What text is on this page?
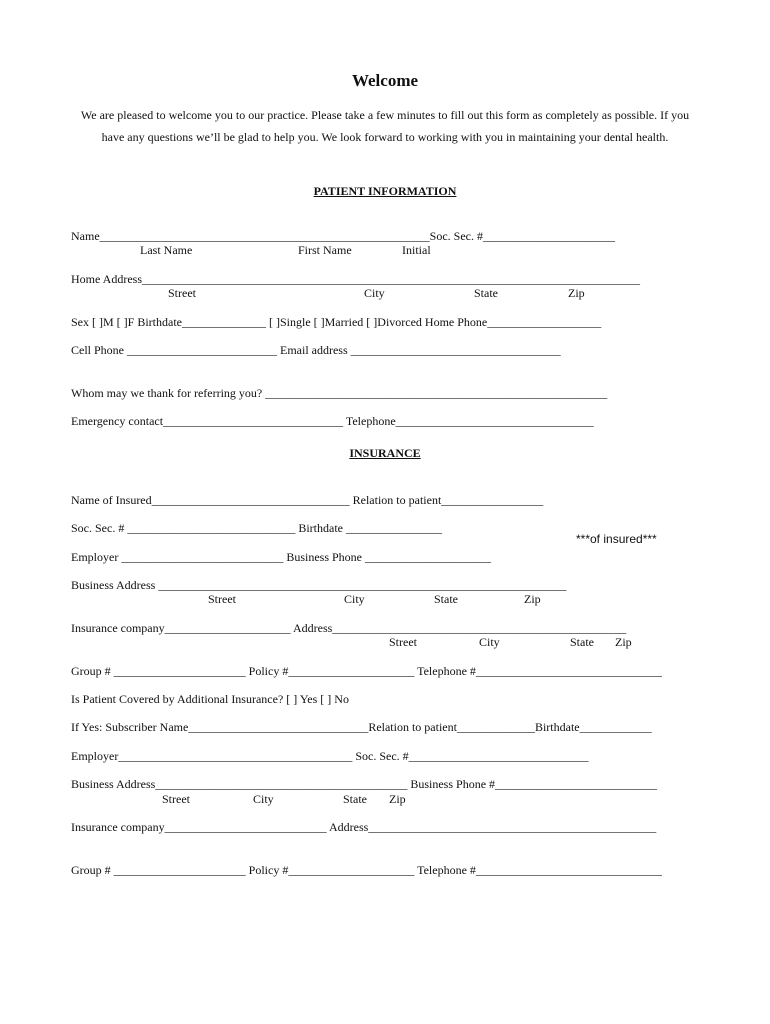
Welcome
We are pleased to welcome you to our practice. Please take a few minutes to fill out this form as completely as possible. If you have any questions we’ll be glad to help you. We look forward to working with you in maintaining your dental health.
PATIENT INFORMATION
Name_______________________________________________________Soc. Sec. #______________________
Last Name	First Name	Initial
Home Address___________________________________________________________________________________
Street	City	State	Zip
Sex [ ]M [ ]F Birthdate______________ [ ]Single [ ]Married [ ]Divorced Home Phone___________________
Cell Phone _________________________ Email address ___________________________________
Whom may we thank for referring you? _________________________________________________________
Emergency contact______________________________ Telephone_________________________________
INSURANCE
Name of Insured_________________________________ Relation to patient_________________
Soc. Sec. # ____________________________ Birthdate ________________
***of insured***
Employer ___________________________ Business Phone _____________________
Business Address ____________________________________________________________________
Street	City	State	Zip
Insurance company_____________________ Address_________________________________________________
Street	City	State Zip
Group # ______________________ Policy #_____________________ Telephone #_______________________________
Is Patient Covered by Additional Insurance? [ ] Yes [ ] No
If Yes: Subscriber Name______________________________Relation to patient_____________Birthdate____________
Employer_______________________________________ Soc. Sec. #______________________________
Business Address__________________________________________ Business Phone #___________________________
Street	City	State Zip
Insurance company___________________________ Address________________________________________________
Group # ______________________ Policy #_____________________ Telephone #_______________________________
